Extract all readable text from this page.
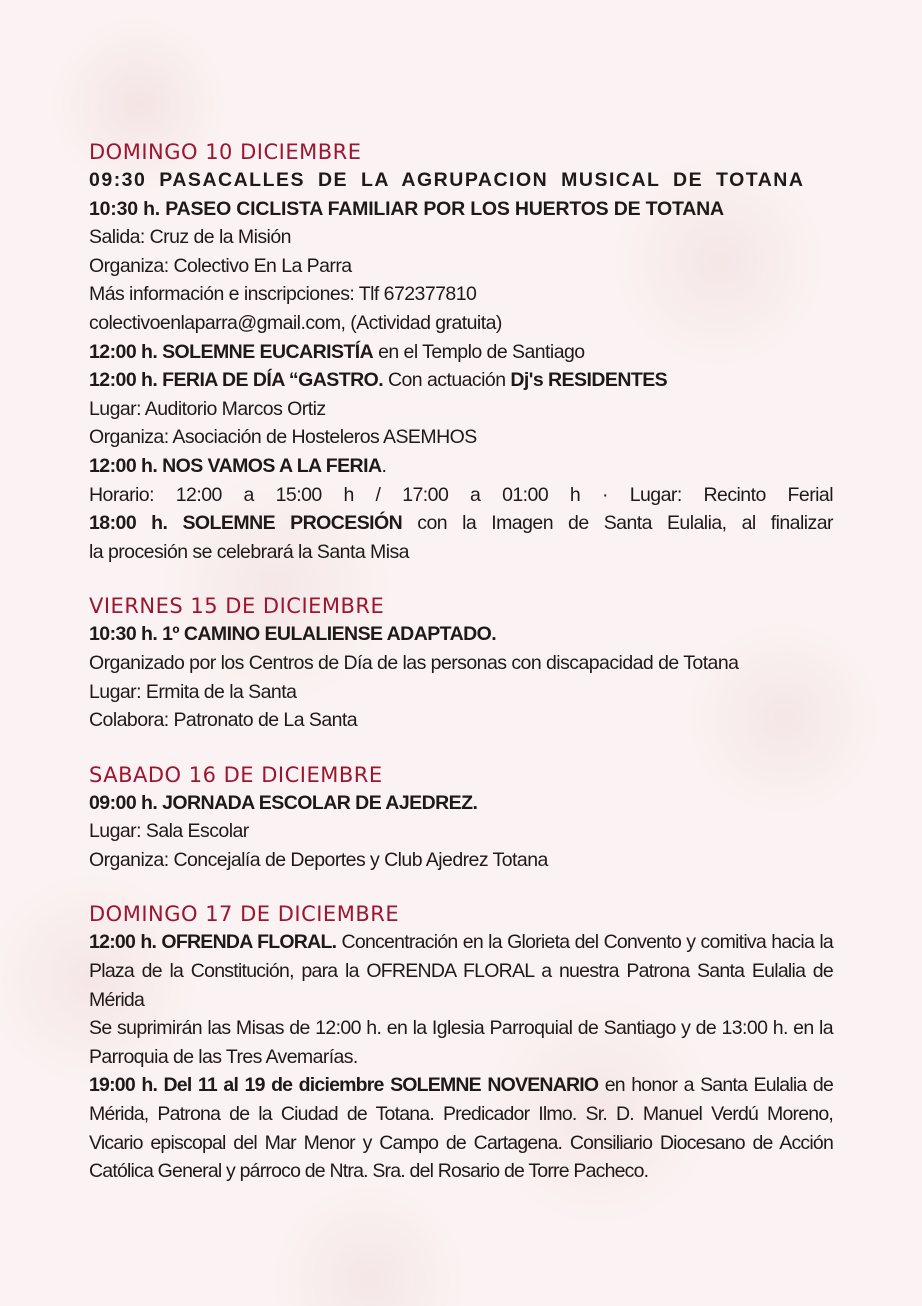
DOMINGO 10 DICIEMBRE
09:30 PASACALLES DE LA AGRUPACION MUSICAL DE TOTANA
10:30 h. PASEO CICLISTA FAMILIAR POR LOS HUERTOS DE TOTANA
Salida: Cruz de la Misión
Organiza: Colectivo En La Parra
Más información e inscripciones: Tlf 672377810
colectivoenlaparra@gmail.com, (Actividad gratuita)
12:00 h. SOLEMNE EUCARISTÍA en el Templo de Santiago
12:00 h. FERIA DE DÍA “GASTRO. Con actuación Dj's RESIDENTES
Lugar: Auditorio Marcos Ortiz
Organiza: Asociación de Hosteleros ASEMHOS
12:00 h. NOS VAMOS A LA FERIA.
Horario: 12:00 a 15:00 h / 17:00 a 01:00 h · Lugar: Recinto Ferial
18:00 h. SOLEMNE PROCESIÓN con la Imagen de Santa Eulalia, al finalizar
la procesión se celebrará la Santa Misa
VIERNES 15 DE DICIEMBRE
10:30 h. 1º CAMINO EULALIENSE ADAPTADO.
Organizado por los Centros de Día de las personas con discapacidad de Totana
Lugar: Ermita de la Santa
Colabora: Patronato de La Santa
SABADO 16 DE DICIEMBRE
09:00 h. JORNADA ESCOLAR DE AJEDREZ.
Lugar: Sala Escolar
Organiza: Concejalía de Deportes y Club Ajedrez Totana
DOMINGO 17 DE DICIEMBRE
12:00 h. OFRENDA FLORAL. Concentración en la Glorieta del Convento y comitiva hacia la Plaza de la Constitución, para la OFRENDA FLORAL a nuestra Patrona Santa Eulalia de Mérida
Se suprimirán las Misas de 12:00 h. en la Iglesia Parroquial de Santiago y de 13:00 h. en la Parroquia de las Tres Avemarías.
19:00 h. Del 11 al 19 de diciembre SOLEMNE NOVENARIO en honor a Santa Eulalia de Mérida, Patrona de la Ciudad de Totana. Predicador Ilmo. Sr. D. Manuel Verdú Moreno, Vicario episcopal del Mar Menor y Campo de Cartagena. Consiliario Diocesano de Acción Católica General y párroco de Ntra. Sra. del Rosario de Torre Pacheco.
